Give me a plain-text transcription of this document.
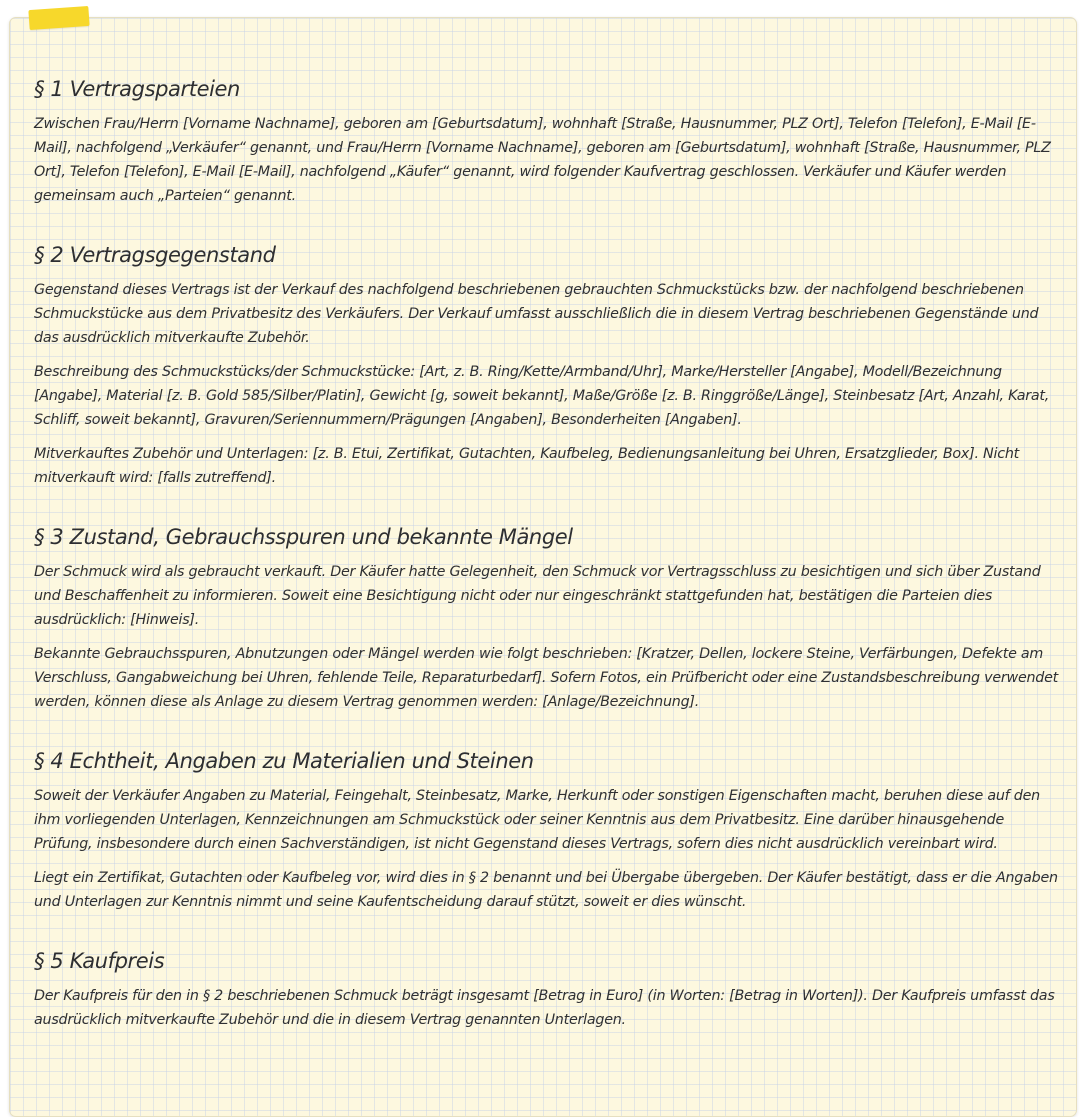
§ 1 Vertragsparteien

Zwischen Frau/Herrn [Vorname Nachname], geboren am [Geburtsdatum], wohnhaft [Straße, Hausnummer, PLZ Ort], Telefon [Telefon], E-Mail [E-Mail], nachfolgend „Verkäufer“ genannt, und Frau/Herrn [Vorname Nachname], geboren am [Geburtsdatum], wohnhaft [Straße, Hausnummer, PLZ Ort], Telefon [Telefon], E-Mail [E-Mail], nachfolgend „Käufer“ genannt, wird folgender Kaufvertrag geschlossen. Verkäufer und Käufer werden gemeinsam auch „Parteien“ genannt.

§ 2 Vertragsgegenstand

Gegenstand dieses Vertrags ist der Verkauf des nachfolgend beschriebenen gebrauchten Schmuckstücks bzw. der nachfolgend beschriebenen Schmuckstücke aus dem Privatbesitz des Verkäufers. Der Verkauf umfasst ausschließlich die in diesem Vertrag beschriebenen Gegenstände und das ausdrücklich mitverkaufte Zubehör.

Beschreibung des Schmuckstücks/der Schmuckstücke: [Art, z. B. Ring/Kette/Armband/Uhr], Marke/Hersteller [Angabe], Modell/Bezeichnung [Angabe], Material [z. B. Gold 585/Silber/Platin], Gewicht [g, soweit bekannt], Maße/Größe [z. B. Ringgröße/Länge], Steinbesatz [Art, Anzahl, Karat, Schliff, soweit bekannt], Gravuren/Seriennummern/Prägungen [Angaben], Besonderheiten [Angaben].

Mitverkauftes Zubehör und Unterlagen: [z. B. Etui, Zertifikat, Gutachten, Kaufbeleg, Bedienungsanleitung bei Uhren, Ersatzglieder, Box]. Nicht mitverkauft wird: [falls zutreffend].

§ 3 Zustand, Gebrauchsspuren und bekannte Mängel

Der Schmuck wird als gebraucht verkauft. Der Käufer hatte Gelegenheit, den Schmuck vor Vertragsschluss zu besichtigen und sich über Zustand und Beschaffenheit zu informieren. Soweit eine Besichtigung nicht oder nur eingeschränkt stattgefunden hat, bestätigen die Parteien dies ausdrücklich: [Hinweis].

Bekannte Gebrauchsspuren, Abnutzungen oder Mängel werden wie folgt beschrieben: [Kratzer, Dellen, lockere Steine, Verfärbungen, Defekte am Verschluss, Gangabweichung bei Uhren, fehlende Teile, Reparaturbedarf]. Sofern Fotos, ein Prüfbericht oder eine Zustandsbeschreibung verwendet werden, können diese als Anlage zu diesem Vertrag genommen werden: [Anlage/Bezeichnung].

§ 4 Echtheit, Angaben zu Materialien und Steinen

Soweit der Verkäufer Angaben zu Material, Feingehalt, Steinbesatz, Marke, Herkunft oder sonstigen Eigenschaften macht, beruhen diese auf den ihm vorliegenden Unterlagen, Kennzeichnungen am Schmuckstück oder seiner Kenntnis aus dem Privatbesitz. Eine darüber hinausgehende Prüfung, insbesondere durch einen Sachverständigen, ist nicht Gegenstand dieses Vertrags, sofern dies nicht ausdrücklich vereinbart wird.

Liegt ein Zertifikat, Gutachten oder Kaufbeleg vor, wird dies in § 2 benannt und bei Übergabe übergeben. Der Käufer bestätigt, dass er die Angaben und Unterlagen zur Kenntnis nimmt und seine Kaufentscheidung darauf stützt, soweit er dies wünscht.

§ 5 Kaufpreis

Der Kaufpreis für den in § 2 beschriebenen Schmuck beträgt insgesamt [Betrag in Euro] (in Worten: [Betrag in Worten]). Der Kaufpreis umfasst das ausdrücklich mitverkaufte Zubehör und die in diesem Vertrag genannten Unterlagen.
